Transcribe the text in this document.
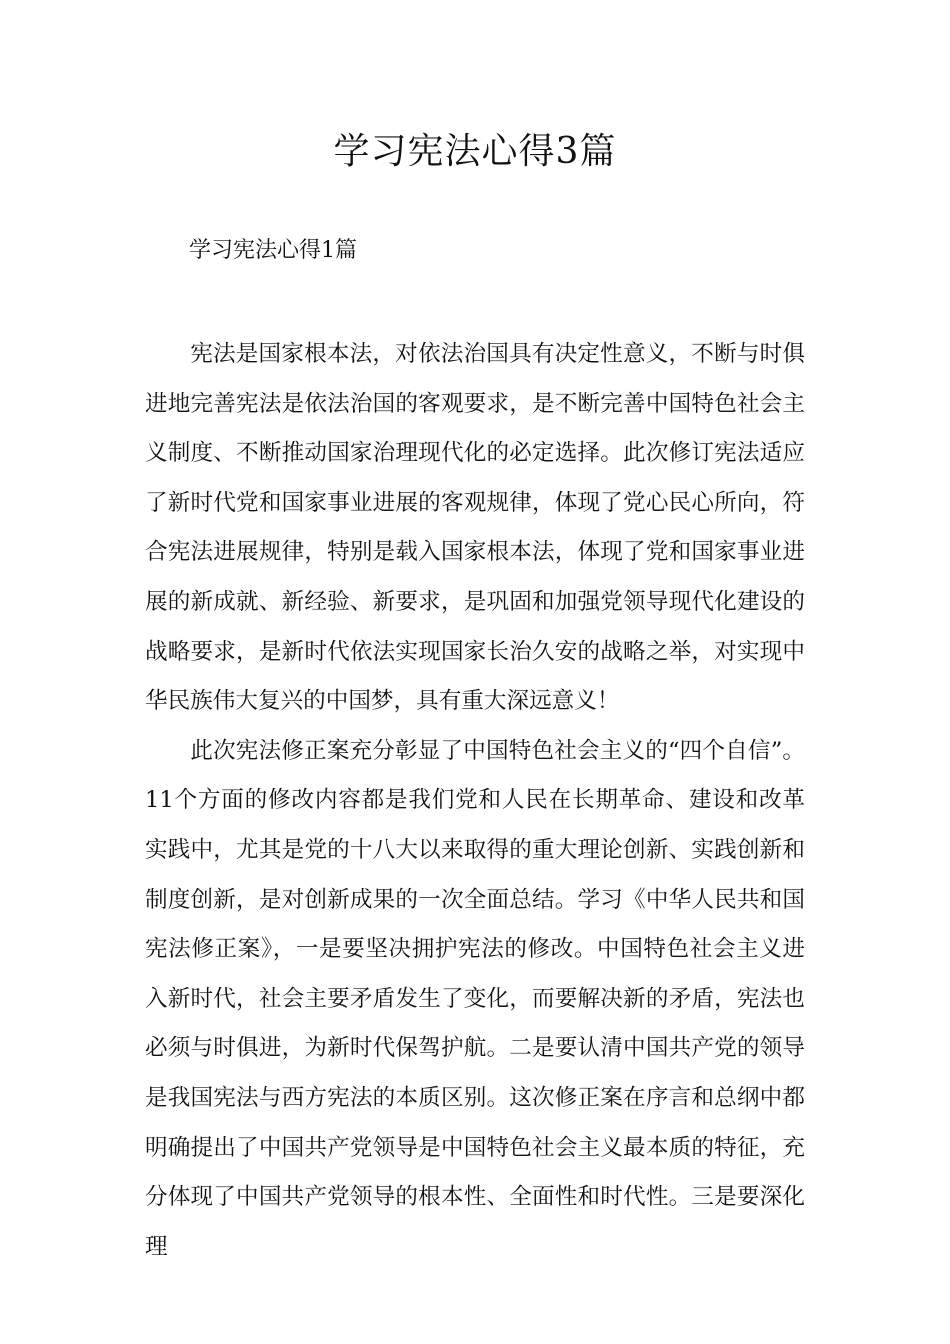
学习宪法心得3篇
学习宪法心得1篇

宪法是国家根本法，对依法治国具有决定性意义，不断与时俱进地完善宪法是依法治国的客观要求，是不断完善中国特色社会主义制度、不断推动国家治理现代化的必定选择。此次修订宪法适应了新时代党和国家事业进展的客观规律，体现了党心民心所向，符合宪法进展规律，特别是载入国家根本法，体现了党和国家事业进展的新成就、新经验、新要求，是巩固和加强党领导现代化建设的战略要求，是新时代依法实现国家长治久安的战略之举，对实现中华民族伟大复兴的中国梦，具有重大深远意义！

此次宪法修正案充分彰显了中国特色社会主义的“四个自信”。11个方面的修改内容都是我们党和人民在长期革命、建设和改革实践中，尤其是党的十八大以来取得的重大理论创新、实践创新和制度创新，是对创新成果的一次全面总结。学习《中华人民共和国宪法修正案》，一是要坚决拥护宪法的修改。中国特色社会主义进入新时代，社会主要矛盾发生了变化，而要解决新的矛盾，宪法也必须与时俱进，为新时代保驾护航。二是要认清中国共产党的领导是我国宪法与西方宪法的本质区别。这次修正案在序言和总纲中都明确提出了中国共产党领导是中国特色社会主义最本质的特征，充分体现了中国共产党领导的根本性、全面性和时代性。三是要深化理
